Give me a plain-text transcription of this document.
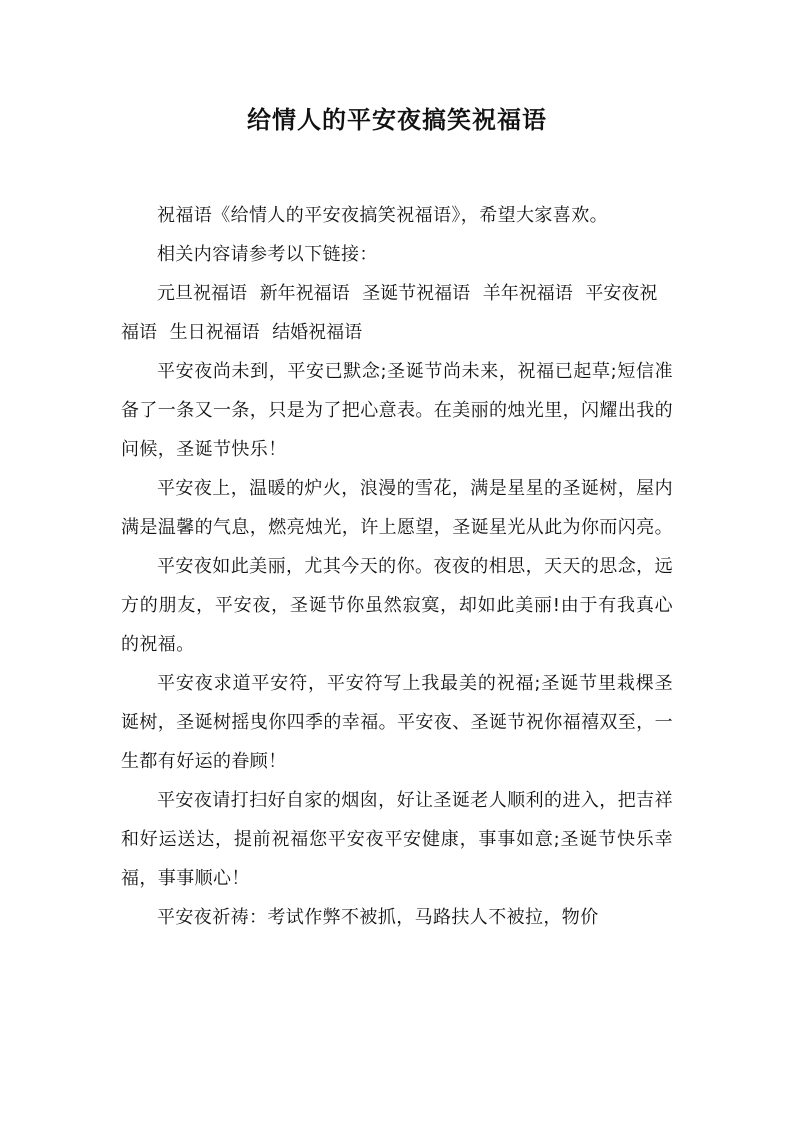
给情人的平安夜搞笑祝福语

祝福语《给情人的平安夜搞笑祝福语》，希望大家喜欢。

相关内容请参考以下链接：

元旦祝福语 新年祝福语 圣诞节祝福语 羊年祝福语 平安夜祝福语 生日祝福语 结婚祝福语

平安夜尚未到，平安已默念;圣诞节尚未来，祝福已起草;短信准备了一条又一条，只是为了把心意表。在美丽的烛光里，闪耀出我的问候，圣诞节快乐！

平安夜上，温暖的炉火，浪漫的雪花，满是星星的圣诞树，屋内满是温馨的气息，燃亮烛光，许上愿望，圣诞星光从此为你而闪亮。

平安夜如此美丽，尤其今天的你。夜夜的相思，天天的思念，远方的朋友，平安夜，圣诞节你虽然寂寞，却如此美丽!由于有我真心的祝福。

平安夜求道平安符，平安符写上我最美的祝福;圣诞节里栽棵圣诞树，圣诞树摇曳你四季的幸福。平安夜、圣诞节祝你福禧双至，一生都有好运的眷顾！

平安夜请打扫好自家的烟囱，好让圣诞老人顺利的进入，把吉祥和好运送达，提前祝福您平安夜平安健康，事事如意;圣诞节快乐幸福，事事顺心！

平安夜祈祷：考试作弊不被抓，马路扶人不被拉，物价
